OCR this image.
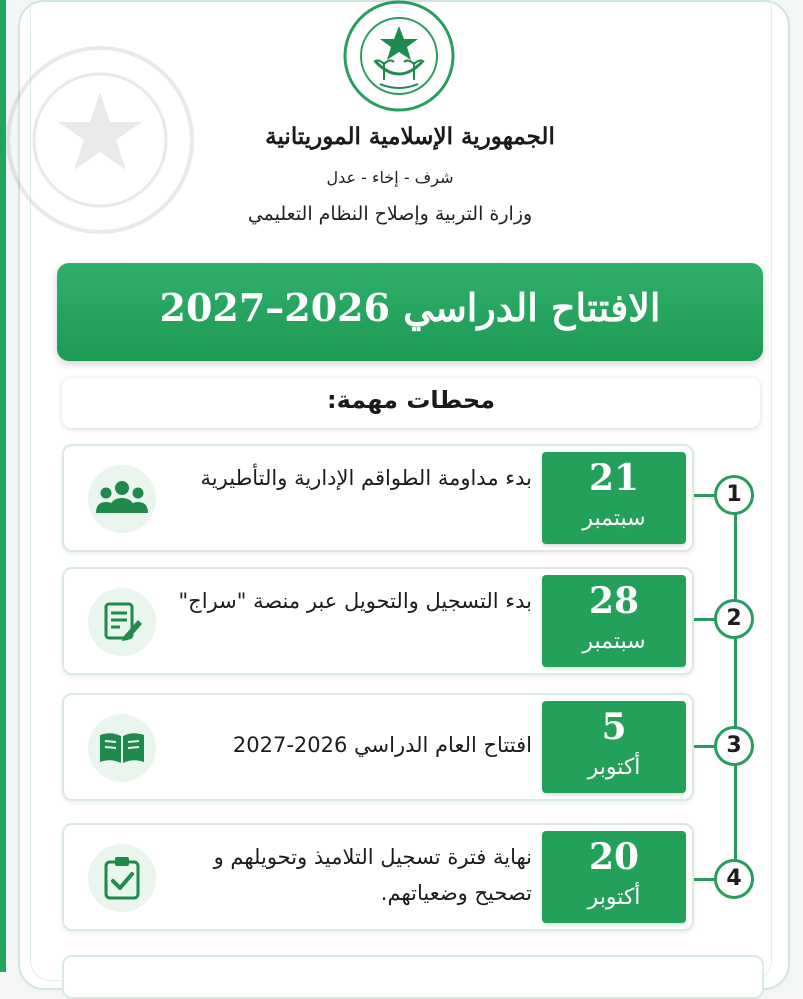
الجمهورية الإسلامية الموريتانية
شرف - إخاء - عدل
وزارة التربية وإصلاح النظام التعليمي
الافتتاح الدراسي 2026–2027
محطات مهمة:
1
21
سبتمبر
بدء مداومة الطواقم الإدارية والتأطيرية
2
28
سبتمبر
بدء التسجيل والتحويل عبر منصة "سراج"
3
5
أكتوبر
افتتاح العام الدراسي 2026-2027
4
20
أكتوبر
نهاية فترة تسجيل التلاميذ وتحويلهم و تصحيح وضعياتهم.
